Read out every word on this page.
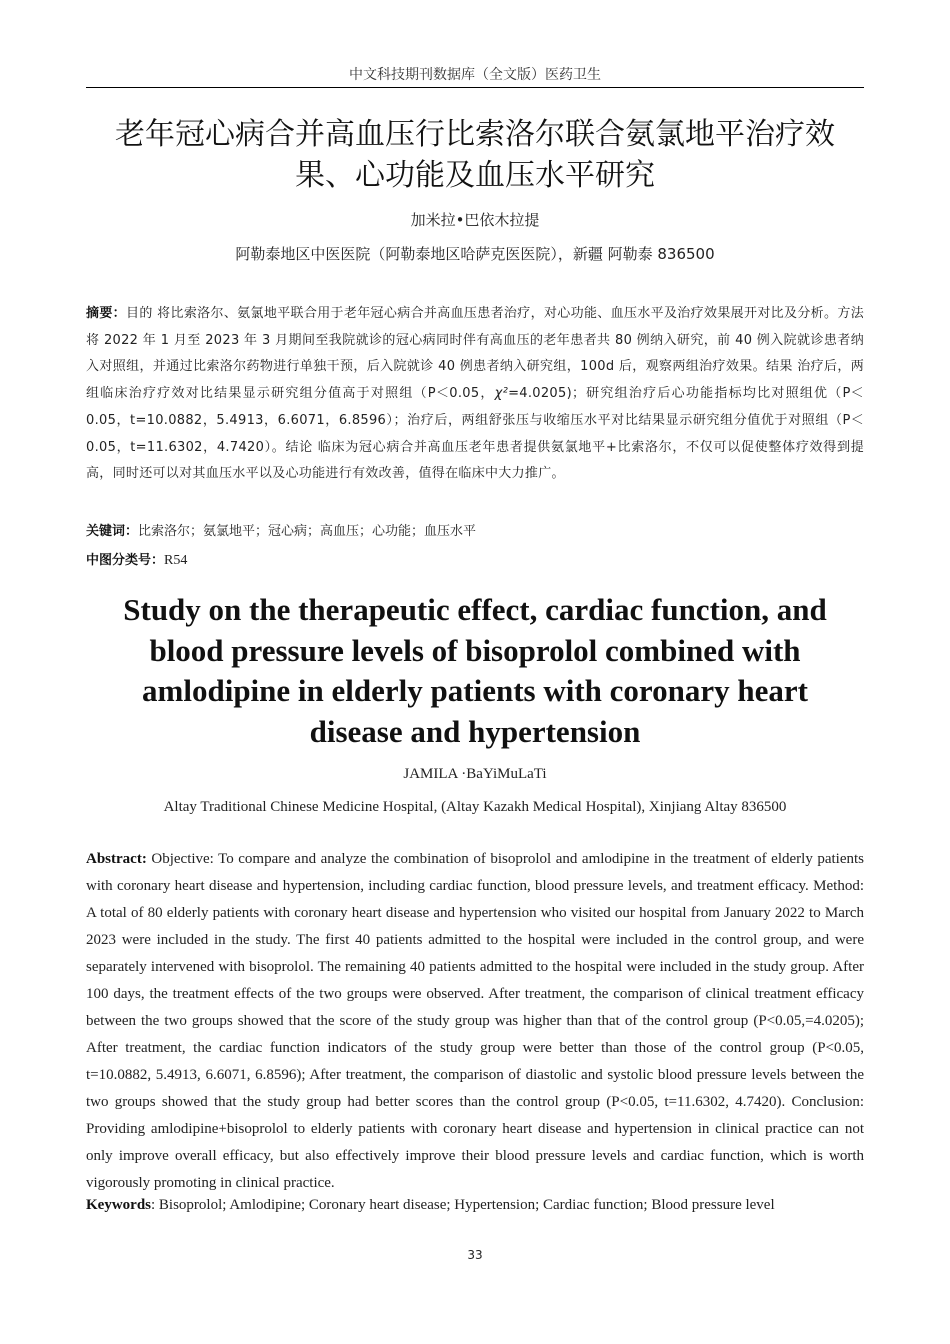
中文科技期刊数据库（全文版）医药卫生
老年冠心病合并高血压行比索洛尔联合氨氯地平治疗效
果、心功能及血压水平研究
加米拉•巴依木拉提
阿勒泰地区中医医院（阿勒泰地区哈萨克医医院），新疆 阿勒泰 836500
摘要：目的 将比索洛尔、氨氯地平联合用于老年冠心病合并高血压患者治疗，对心功能、血压水平及治疗效果展开对比及分析。方法 将 2022 年 1 月至 2023 年 3 月期间至我院就诊的冠心病同时伴有高血压的老年患者共 80 例纳入研究，前 40 例入院就诊患者纳入对照组，并通过比索洛尔药物进行单独干预，后入院就诊 40 例患者纳入研究组，100d 后，观察两组治疗效果。结果 治疗后，两组临床治疗疗效对比结果显示研究组分值高于对照组（P＜0.05，χ²=4.0205)；研究组治疗后心功能指标均比对照组优（P＜0.05，t=10.0882，5.4913，6.6071，6.8596）；治疗后，两组舒张压与收缩压水平对比结果显示研究组分值优于对照组（P＜0.05，t=11.6302，4.7420）。结论 临床为冠心病合并高血压老年患者提供氨氯地平+比索洛尔，不仅可以促使整体疗效得到提高，同时还可以对其血压水平以及心功能进行有效改善，值得在临床中大力推广。
关键词：比索洛尔；氨氯地平；冠心病；高血压；心功能；血压水平
中图分类号：R54
Study on the therapeutic effect, cardiac function, and
blood pressure levels of bisoprolol combined with
amlodipine in elderly patients with coronary heart
disease and hypertension
JAMILA ·BaYiMuLaTi
Altay Traditional Chinese Medicine Hospital, (Altay Kazakh Medical Hospital), Xinjiang Altay 836500
Abstract: Objective: To compare and analyze the combination of bisoprolol and amlodipine in the treatment of elderly patients with coronary heart disease and hypertension, including cardiac function, blood pressure levels, and treatment efficacy. Method: A total of 80 elderly patients with coronary heart disease and hypertension who visited our hospital from January 2022 to March 2023 were included in the study. The first 40 patients admitted to the hospital were included in the control group, and were separately intervened with bisoprolol. The remaining 40 patients admitted to the hospital were included in the study group. After 100 days, the treatment effects of the two groups were observed. After treatment, the comparison of clinical treatment efficacy between the two groups showed that the score of the study group was higher than that of the control group (P<0.05,=4.0205); After treatment, the cardiac function indicators of the study group were better than those of the control group (P<0.05, t=10.0882, 5.4913, 6.6071, 6.8596); After treatment, the comparison of diastolic and systolic blood pressure levels between the two groups showed that the study group had better scores than the control group (P<0.05, t=11.6302, 4.7420). Conclusion: Providing amlodipine+bisoprolol to elderly patients with coronary heart disease and hypertension in clinical practice can not only improve overall efficacy, but also effectively improve their blood pressure levels and cardiac function, which is worth vigorously promoting in clinical practice.
Keywords: Bisoprolol; Amlodipine; Coronary heart disease; Hypertension; Cardiac function; Blood pressure level
33
